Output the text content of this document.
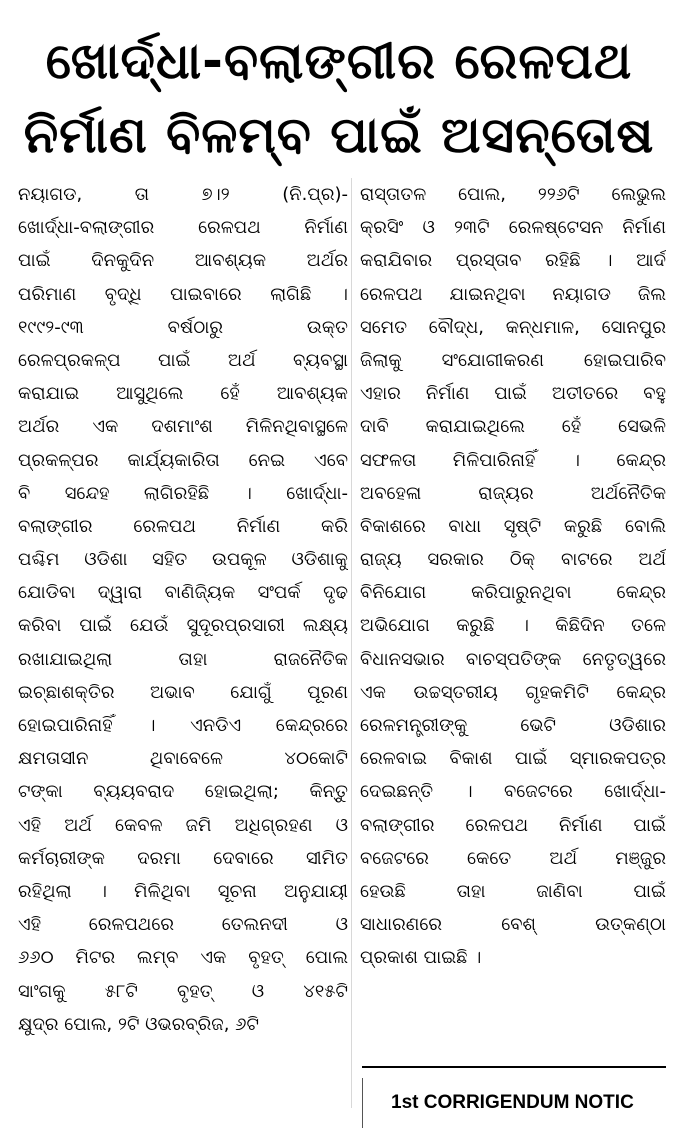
ଖୋର୍ଦ୍ଧା-ବଲାଙ୍ଗୀର ରେଳପଥ
ନିର୍ମାଣ ବିଳମ୍ବ ପାଇଁ ଅସନ୍ତୋଷ
ନୟାଗଡ, ତା ୭।୨ (ନି.ପ୍ର)-
ଖୋର୍ଦ୍ଧା-ବଲାଙ୍ଗୀର ରେଳପଥ ନିର୍ମାଣ
ପାଇଁ ଦିନକୁଦିନ ଆବଶ୍ୟକ ଅର୍ଥର
ପରିମାଣ ବୃଦ୍ଧି ପାଇବାରେ ଲାଗିଛି ।
୧୯୯୨-୯୩ ବର୍ଷଠାରୁ ଉକ୍ତ
ରେଳପ୍ରକଳ୍ପ ପାଇଁ ଅର୍ଥ ବ୍ୟବସ୍ଥା
କରାଯାଇ ଆସୁଥିଲେ ହେଁ ଆବଶ୍ୟକ
ଅର୍ଥର ଏକ ଦଶମାଂଶ ମିଳିନଥିବାସ୍ଥଳେ
ପ୍ରକଳ୍ପର କାର୍ଯ୍ୟକାରିତା ନେଇ ଏବେ
ବି ସନ୍ଦେହ ଲାଗିରହିଛି । ଖୋର୍ଦ୍ଧା-
ବଲାଙ୍ଗୀର ରେଳପଥ ନିର୍ମାଣ କରି
ପଶ୍ଚିମ ଓଡିଶା ସହିତ ଉପକୂଳ ଓଡିଶାକୁ
ଯୋଡିବା ଦ୍ୱାରା ବାଣିଜ୍ୟିକ ସଂପର୍କ ଦୃଢ
କରିବା ପାଇଁ ଯେଉଁ ସୁଦୂରପ୍ରସାରୀ ଲକ୍ଷ୍ୟ
ରଖାଯାଇଥିଲା ତାହା ରାଜନୈତିକ
ଇଚ୍ଛାଶକ୍ତିର ଅଭାବ ଯୋଗୁଁ ପୂରଣ
ହୋଇପାରିନାହିଁ । ଏନଡିଏ କେନ୍ଦ୍ରରେ
କ୍ଷମତାସୀନ ଥିବାବେଳେ ୪୦କୋଟି
ଟଙ୍କା ବ୍ୟୟବରାଦ ହୋଇଥିଲା; କିନ୍ତୁ
ଏହି ଅର୍ଥ କେବଳ ଜମି ଅଧିଗ୍ରହଣ ଓ
କର୍ମଚାରୀଙ୍କ ଦରମା ଦେବାରେ ସୀମିତ
ରହିଥିଲା । ମିଳିଥିବା ସୂଚନା ଅନୁଯାୟୀ
ଏହି ରେଳପଥରେ ତେଲନଦୀ ଓ
୬୬୦ ମିଟର ଲମ୍ବ ଏକ ବୃହତ୍ ପୋଲ
ସାଂଗକୁ ୫୮ଟି ବୃହତ୍ ଓ ୪୧୫ଟି
କ୍ଷୁଦ୍ର ପୋଲ, ୨ଟି ଓଭରବ୍ରିଜ, ୬ଟି
ରାସ୍ତାତଳ ପୋଲ, ୨୨୬ଟି ଲେଭୁଲ
କ୍ରସିଂ ଓ ୨୩ଟି ରେଳଷ୍ଟେସନ ନିର୍ମାଣ
କରାଯିବାର ପ୍ରସ୍ତାବ ରହିଛି । ଆର୍ଦ
ରେଳପଥ ଯାଇନଥିବା ନୟାଗଡ ଜିଲ
ସମେତ ବୌଦ୍ଧ, କନ୍ଧମାଳ, ସୋନପୁର
ଜିଲାକୁ ସଂଯୋଗୀକରଣ ହୋଇପାରିବ
ଏହାର ନିର୍ମାଣ ପାଇଁ ଅତୀତରେ ବହୁ
ଦାବି କରାଯାଇଥିଲେ ହେଁ ସେଭଳି
ସଫଳତା ମିଳିପାରିନାହିଁ । କେନ୍ଦ୍ର
ଅବହେଳା ରାଜ୍ୟର ଅର୍ଥନୈତିକ
ବିକାଶରେ ବାଧା ସୃଷ୍ଟି କରୁଛି ବୋଲି
ରାଜ୍ୟ ସରକାର ଠିକ୍ ବାଟରେ ଅର୍ଥ
ବିନିଯୋଗ କରିପାରୁନଥିବା କେନ୍ଦ୍ର
ଅଭିଯୋଗ କରୁଛି । କିଛିଦିନ ତଳେ
ବିଧାନସଭାର ବାଚସ୍ପତିଙ୍କ ନେତୃତ୍ୱରେ
ଏକ ଉଚ୍ଚସ୍ତରୀୟ ଗୃହକମିଟି କେନ୍ଦ୍ର
ରେଳମନ୍ତ୍ରୀଙ୍କୁ ଭେଟି ଓଡିଶାର
ରେଳବାଇ ବିକାଶ ପାଇଁ ସ୍ମାରକପତ୍ର
ଦେଇଛନ୍ତି । ବଜେଟରେ ଖୋର୍ଦ୍ଧା-
ବଲାଙ୍ଗୀର ରେଳପଥ ନିର୍ମାଣ ପାଇଁ
ବଜେଟରେ କେତେ ଅର୍ଥ ମଞ୍ଜୁର
ହେଉଛି ତାହା ଜାଣିବା ପାଇଁ
ସାଧାରଣରେ ବେଶ୍ ଉତ୍କଣ୍ଠା
ପ୍ରକାଶ ପାଇଛି ।
1st CORRIGENDUM NOTIC
